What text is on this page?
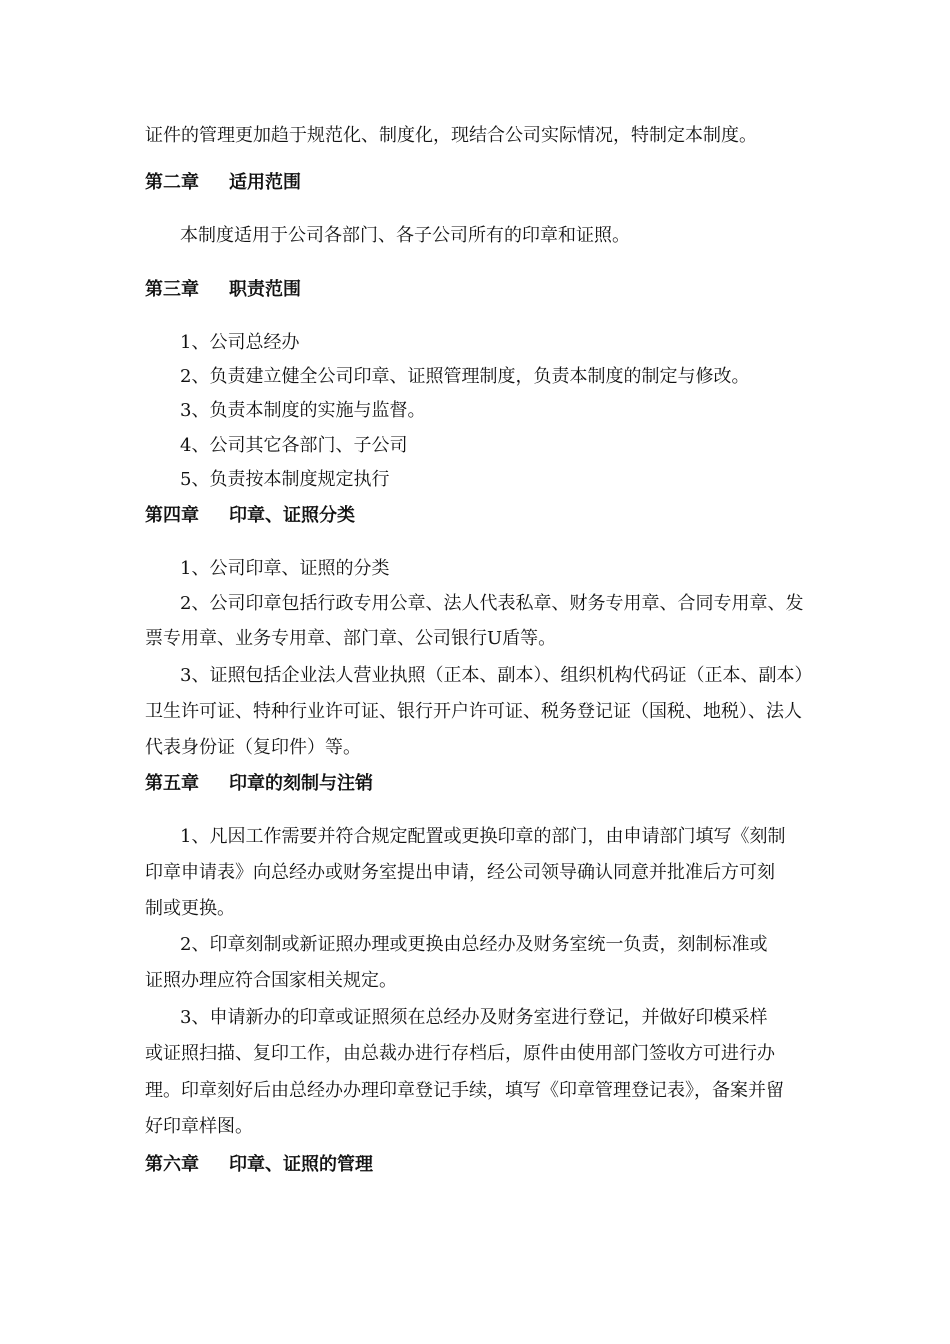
证件的管理更加趋于规范化、制度化，现结合公司实际情况，特制定本制度。
第二章 适用范围
本制度适用于公司各部门、各子公司所有的印章和证照。
第三章 职责范围
1、公司总经办
2、负责建立健全公司印章、证照管理制度，负责本制度的制定与修改。
3、负责本制度的实施与监督。
4、公司其它各部门、子公司
5、负责按本制度规定执行
第四章 印章、证照分类
1、公司印章、证照的分类
2、公司印章包括行政专用公章、法人代表私章、财务专用章、合同专用章、发
票专用章、业务专用章、部门章、公司银行U盾等。
3、证照包括企业法人营业执照（正本、副本）、组织机构代码证（正本、副本）
卫生许可证、特种行业许可证、银行开户许可证、税务登记证（国税、地税）、法人
代表身份证（复印件）等。
第五章 印章的刻制与注销
1、凡因工作需要并符合规定配置或更换印章的部门，由申请部门填写《刻制
印章申请表》向总经办或财务室提出申请，经公司领导确认同意并批准后方可刻
制或更换。
2、印章刻制或新证照办理或更换由总经办及财务室统一负责，刻制标准或
证照办理应符合国家相关规定。
3、申请新办的印章或证照须在总经办及财务室进行登记，并做好印模采样
或证照扫描、复印工作，由总裁办进行存档后，原件由使用部门签收方可进行办
理。印章刻好后由总经办办理印章登记手续，填写《印章管理登记表》，备案并留
好印章样图。
第六章 印章、证照的管理
